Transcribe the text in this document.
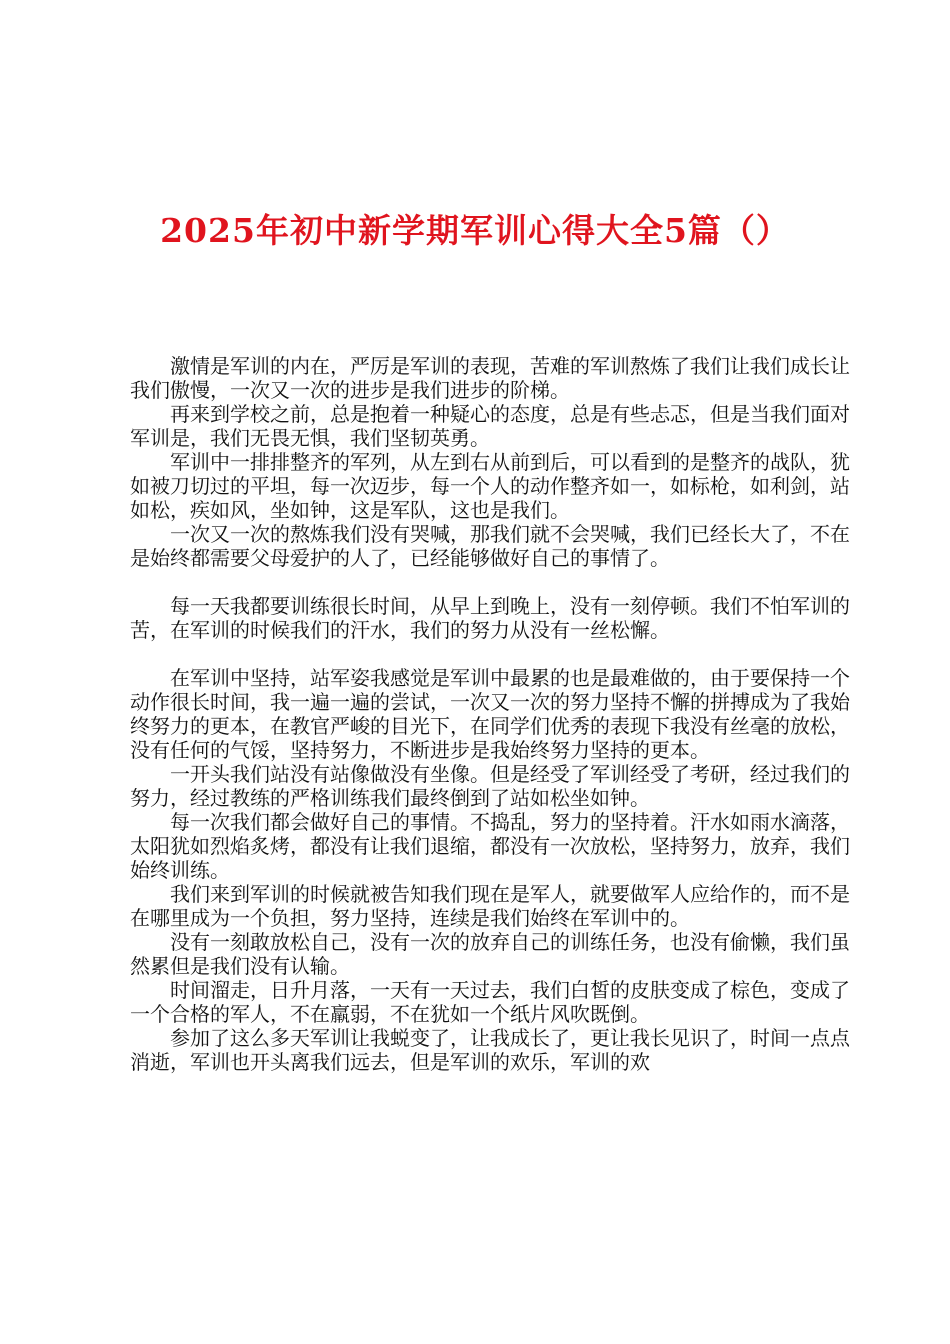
2025年初中新学期军训心得大全5篇（）

激情是军训的内在，严厉是军训的表现，苦难的军训熬炼了我们让我们成长让我们傲慢，一次又一次的进步是我们进步的阶梯。

再来到学校之前，总是抱着一种疑心的态度，总是有些忐忑，但是当我们面对军训是，我们无畏无惧，我们坚韧英勇。

军训中一排排整齐的军列，从左到右从前到后，可以看到的是整齐的战队，犹如被刀切过的平坦，每一次迈步，每一个人的动作整齐如一，如标枪，如利剑，站如松，疾如风，坐如钟，这是军队，这也是我们。

一次又一次的熬炼我们没有哭喊，那我们就不会哭喊，我们已经长大了，不在是始终都需要父母爱护的人了，已经能够做好自己的事情了。

每一天我都要训练很长时间，从早上到晚上，没有一刻停顿。我们不怕军训的苦，在军训的时候我们的汗水，我们的努力从没有一丝松懈。

在军训中坚持，站军姿我感觉是军训中最累的也是最难做的，由于要保持一个动作很长时间，我一遍一遍的尝试，一次又一次的努力坚持不懈的拼搏成为了我始终努力的更本，在教官严峻的目光下，在同学们优秀的表现下我没有丝毫的放松，没有任何的气馁，坚持努力，不断进步是我始终努力坚持的更本。

一开头我们站没有站像做没有坐像。但是经受了军训经受了考研，经过我们的努力，经过教练的严格训练我们最终倒到了站如松坐如钟。

每一次我们都会做好自己的事情。不捣乱，努力的坚持着。汗水如雨水滴落，太阳犹如烈焰炙烤，都没有让我们退缩，都没有一次放松，坚持努力，放弃，我们始终训练。

我们来到军训的时候就被告知我们现在是军人，就要做军人应给作的，而不是在哪里成为一个负担，努力坚持，连续是我们始终在军训中的。

没有一刻敢放松自己，没有一次的放弃自己的训练任务，也没有偷懒，我们虽然累但是我们没有认输。

时间溜走，日升月落，一天有一天过去，我们白皙的皮肤变成了棕色，变成了一个合格的军人，不在羸弱，不在犹如一个纸片风吹既倒。

参加了这么多天军训让我蜕变了，让我成长了，更让我长见识了，时间一点点消逝，军训也开头离我们远去，但是军训的欢乐，军训的欢
